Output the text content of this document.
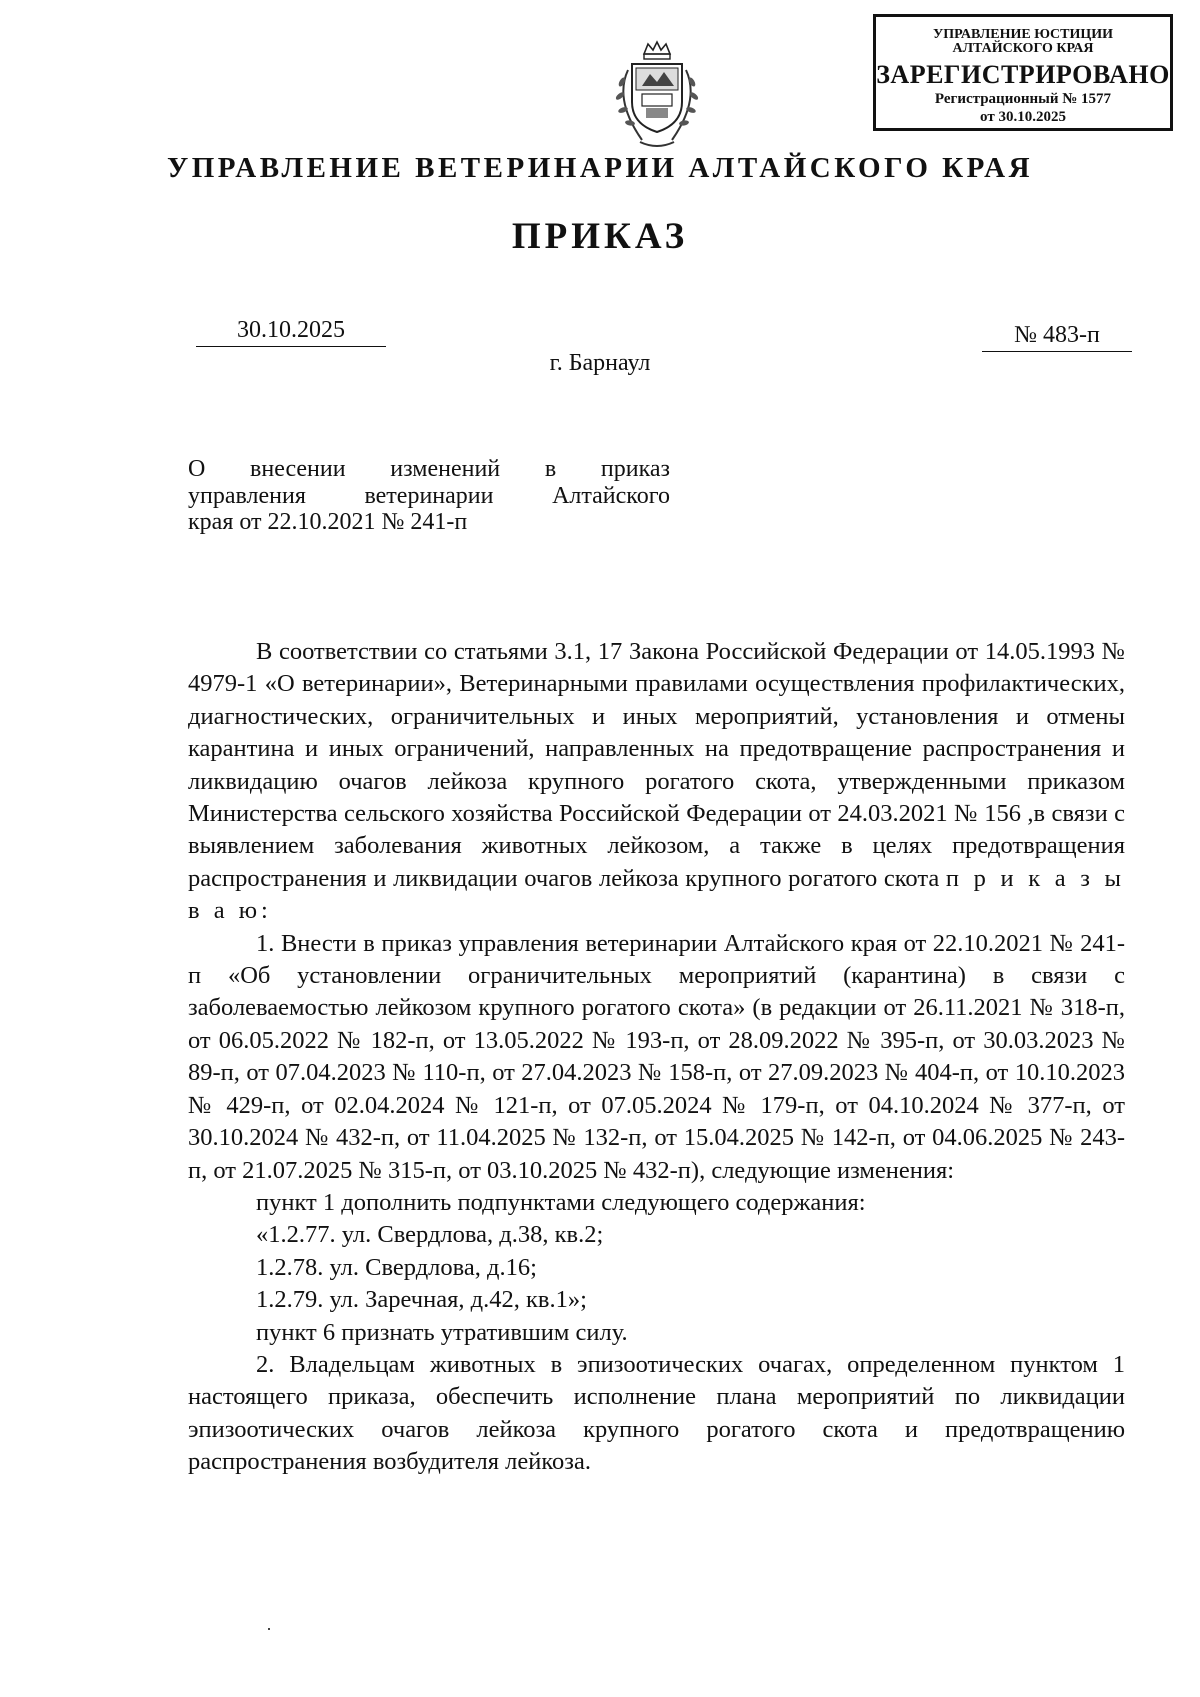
УПРАВЛЕНИЕ ЮСТИЦИИ
АЛТАЙСКОГО КРАЯ
ЗАРЕГИСТРИРОВАНО
Регистрационный № 1577
от 30.10.2025
УПРАВЛЕНИЕ ВЕТЕРИНАРИИ АЛТАЙСКОГО КРАЯ
ПРИКАЗ
30.10.2025	№ 483-п
г. Барнаул
О внесении изменений в приказ
управления ветеринарии Алтайского
края от 22.10.2021 № 241-п

В соответствии со статьями 3.1, 17 Закона Российской Федерации от 14.05.1993 № 4979-1 «О ветеринарии», Ветеринарными правилами осуществления профилактических, диагностических, ограничительных и иных мероприятий, установления и отмены карантина и иных ограничений, направленных на предотвращение распространения и ликвидацию очагов лейкоза крупного рогатого скота, утвержденными приказом Министерства сельского хозяйства Российской Федерации от 24.03.2021 № 156 ,в связи с выявлением заболевания животных лейкозом, а также в целях предотвращения распространения и ликвидации очагов лейкоза крупного рогатого скота п р и к а з ы в а ю:

1. Внести в приказ управления ветеринарии Алтайского края от 22.10.2021 № 241-п «Об установлении ограничительных мероприятий (карантина) в связи с заболеваемостью лейкозом крупного рогатого скота» (в редакции от 26.11.2021 № 318-п, от 06.05.2022 № 182-п, от 13.05.2022 № 193-п, от 28.09.2022 № 395-п, от 30.03.2023 № 89-п, от 07.04.2023 № 110-п, от 27.04.2023 № 158-п, от 27.09.2023 № 404-п, от 10.10.2023 № 429-п, от 02.04.2024 № 121-п, от 07.05.2024 № 179-п, от 04.10.2024 № 377-п, от 30.10.2024 № 432-п, от 11.04.2025 № 132-п, от 15.04.2025 № 142-п, от 04.06.2025 № 243-п, от 21.07.2025 № 315-п, от 03.10.2025 № 432-п), следующие изменения:

пункт 1 дополнить подпунктами следующего содержания:

«1.2.77. ул. Свердлова, д.38, кв.2;

1.2.78. ул. Свердлова, д.16;

1.2.79. ул. Заречная, д.42, кв.1»;

пункт 6 признать утратившим силу.

2. Владельцам животных в эпизоотических очагах, определенном пунктом 1 настоящего приказа, обеспечить исполнение плана мероприятий по ликвидации эпизоотических очагов лейкоза крупного рогатого скота и предотвращению распространения возбудителя лейкоза.
